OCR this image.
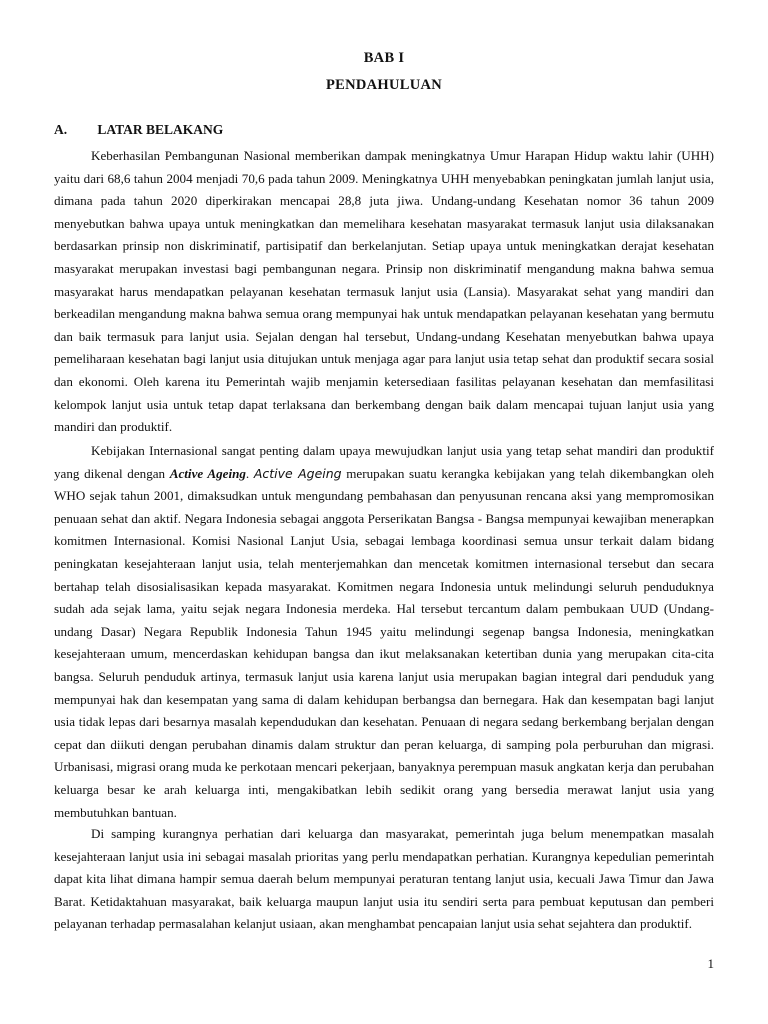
BAB I
PENDAHULUAN
A. LATAR BELAKANG

Keberhasilan Pembangunan Nasional memberikan dampak meningkatnya Umur Harapan Hidup waktu lahir (UHH) yaitu dari 68,6 tahun 2004 menjadi 70,6 pada tahun 2009. Meningkatnya UHH menyebabkan peningkatan jumlah lanjut usia, dimana pada tahun 2020 diperkirakan mencapai 28,8 juta jiwa. Undang-undang Kesehatan nomor 36 tahun 2009 menyebutkan bahwa upaya untuk meningkatkan dan memelihara kesehatan masyarakat termasuk lanjut usia dilaksanakan berdasarkan prinsip non diskriminatif, partisipatif dan berkelanjutan. Setiap upaya untuk meningkatkan derajat kesehatan masyarakat merupakan investasi bagi pembangunan negara. Prinsip non diskriminatif mengandung makna bahwa semua masyarakat harus mendapatkan pelayanan kesehatan termasuk lanjut usia (Lansia). Masyarakat sehat yang mandiri dan berkeadilan mengandung makna bahwa semua orang mempunyai hak untuk mendapatkan pelayanan kesehatan yang bermutu dan baik termasuk para lanjut usia. Sejalan dengan hal tersebut, Undang-undang Kesehatan menyebutkan bahwa upaya pemeliharaan kesehatan bagi lanjut usia ditujukan untuk menjaga agar para lanjut usia tetap sehat dan produktif secara sosial dan ekonomi. Oleh karena itu Pemerintah wajib menjamin ketersediaan fasilitas pelayanan kesehatan dan memfasilitasi kelompok lanjut usia untuk tetap dapat terlaksana dan berkembang dengan baik dalam mencapai tujuan lanjut usia yang mandiri dan produktif.

Kebijakan Internasional sangat penting dalam upaya mewujudkan lanjut usia yang tetap sehat mandiri dan produktif yang dikenal dengan Active Ageing. Active Ageing merupakan suatu kerangka kebijakan yang telah dikembangkan oleh WHO sejak tahun 2001, dimaksudkan untuk mengundang pembahasan dan penyusunan rencana aksi yang mempromosikan penuaan sehat dan aktif. Negara Indonesia sebagai anggota Perserikatan Bangsa - Bangsa mempunyai kewajiban menerapkan komitmen Internasional. Komisi Nasional Lanjut Usia, sebagai lembaga koordinasi semua unsur terkait dalam bidang peningkatan kesejahteraan lanjut usia, telah menterjemahkan dan mencetak komitmen internasional tersebut dan secara bertahap telah disosialisasikan kepada masyarakat. Komitmen negara Indonesia untuk melindungi seluruh penduduknya sudah ada sejak lama, yaitu sejak negara Indonesia merdeka. Hal tersebut tercantum dalam pembukaan UUD (Undang-undang Dasar) Negara Republik Indonesia Tahun 1945 yaitu melindungi segenap bangsa Indonesia, meningkatkan kesejahteraan umum, mencerdaskan kehidupan bangsa dan ikut melaksanakan ketertiban dunia yang merupakan cita-cita bangsa. Seluruh penduduk artinya, termasuk lanjut usia karena lanjut usia merupakan bagian integral dari penduduk yang mempunyai hak dan kesempatan yang sama di dalam kehidupan berbangsa dan bernegara. Hak dan kesempatan bagi lanjut usia tidak lepas dari besarnya masalah kependudukan dan kesehatan. Penuaan di negara sedang berkembang berjalan dengan cepat dan diikuti dengan perubahan dinamis dalam struktur dan peran keluarga, di samping pola perburuhan dan migrasi. Urbanisasi, migrasi orang muda ke perkotaan mencari pekerjaan, banyaknya perempuan masuk angkatan kerja dan perubahan keluarga besar ke arah keluarga inti, mengakibatkan lebih sedikit orang yang bersedia merawat lanjut usia yang membutuhkan bantuan.

Di samping kurangnya perhatian dari keluarga dan masyarakat, pemerintah juga belum menempatkan masalah kesejahteraan lanjut usia ini sebagai masalah prioritas yang perlu mendapatkan perhatian. Kurangnya kepedulian pemerintah dapat kita lihat dimana hampir semua daerah belum mempunyai peraturan tentang lanjut usia, kecuali Jawa Timur dan Jawa Barat. Ketidaktahuan masyarakat, baik keluarga maupun lanjut usia itu sendiri serta para pembuat keputusan dan pemberi pelayanan terhadap permasalahan kelanjut usiaan, akan menghambat pencapaian lanjut usia sehat sejahtera dan produktif.

1
